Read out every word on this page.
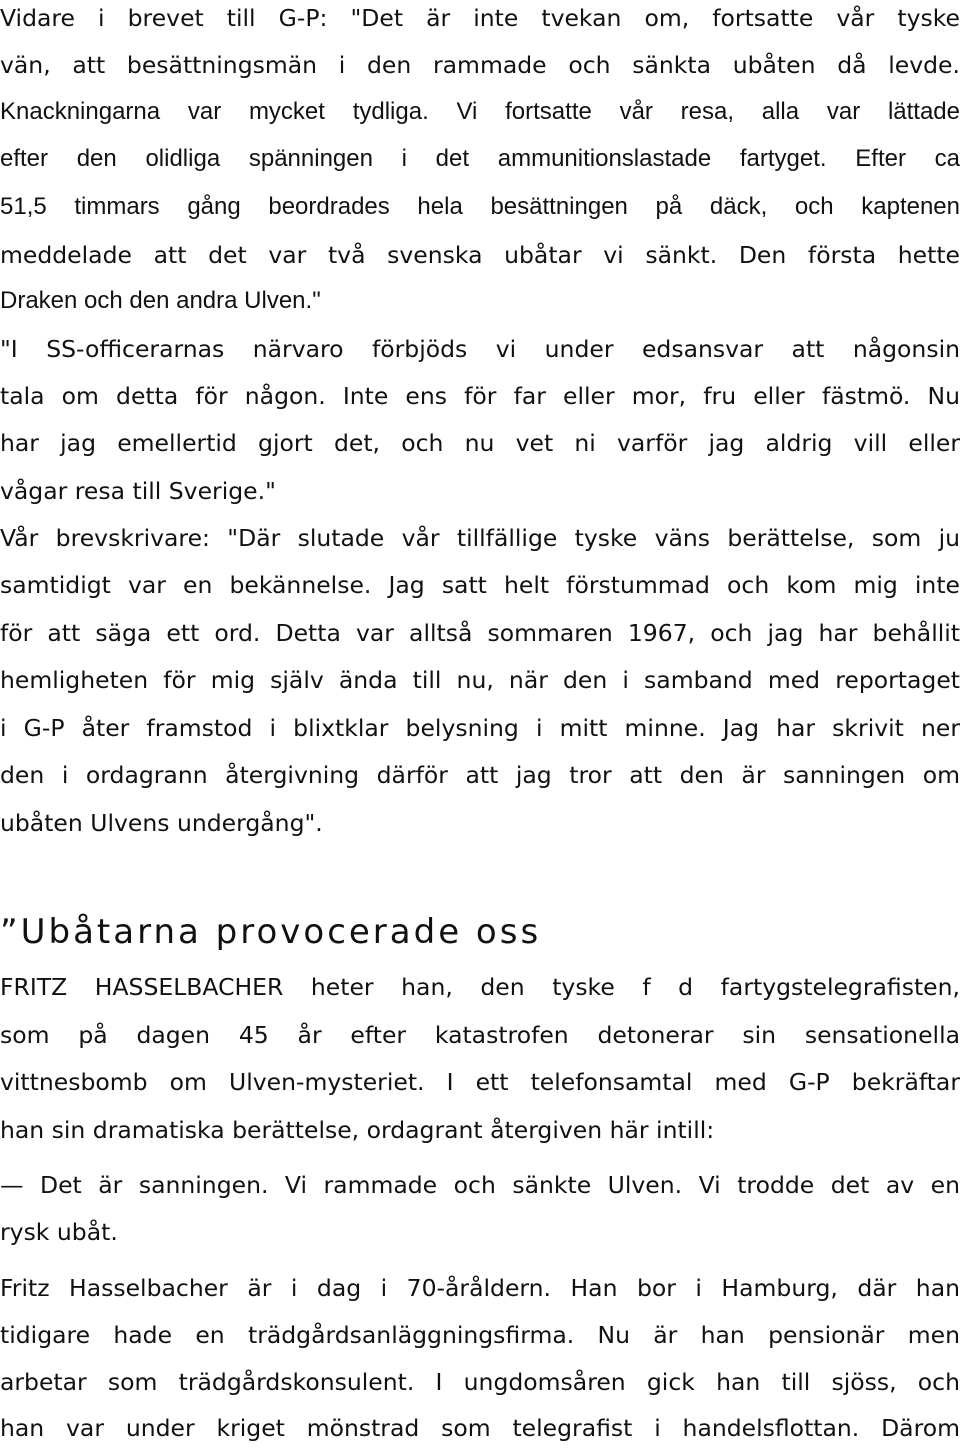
Vidare i brevet till G-P: "Det är inte tvekan om, fortsatte vår tyske

vän, att besättningsmän i den rammade och sänkta ubåten då levde.

Knackningarna var mycket tydliga. Vi fortsatte vår resa, alla var lättade

efter den olidliga spänningen i det ammunitionslastade fartyget. Efter ca

51,5 timmars gång beordrades hela besättningen på däck, och kaptenen

meddelade att det var två svenska ubåtar vi sänkt. Den första hette

Draken och den andra Ulven."

"I SS-officerarnas närvaro förbjöds vi under edsansvar att någonsin

tala om detta för någon. Inte ens för far eller mor, fru eller fästmö. Nu

har jag emellertid gjort det, och nu vet ni varför jag aldrig vill eller

vågar resa till Sverige."

Vår brevskrivare: "Där slutade vår tillfällige tyske väns berättelse, som ju

samtidigt var en bekännelse. Jag satt helt förstummad och kom mig inte

för att säga ett ord. Detta var alltså sommaren 1967, och jag har behållit

hemligheten för mig själv ända till nu, när den i samband med reportaget

i G-P åter framstod i blixtklar belysning i mitt minne. Jag har skrivit ner

den i ordagrann återgivning därför att jag tror att den är sanningen om

ubåten Ulvens undergång".

”Ubåtarna provocerade oss

FRITZ HASSELBACHER heter han, den tyske f d fartygstelegrafisten,

som på dagen 45 år efter katastrofen detonerar sin sensationella

vittnesbomb om Ulven-mysteriet. I ett telefonsamtal med G-P bekräftar

han sin dramatiska berättelse, ordagrant återgiven här intill:

— Det är sanningen. Vi rammade och sänkte Ulven. Vi trodde det av en

rysk ubåt.

Fritz Hasselbacher är i dag i 70-åråldern. Han bor i Hamburg, där han

tidigare hade en trädgårdsanläggningsfirma. Nu är han pensionär men

arbetar som trädgårdskonsulent. I ungdomsåren gick han till sjöss, och

han var under kriget mönstrad som telegrafist i handelsflottan. Därom
